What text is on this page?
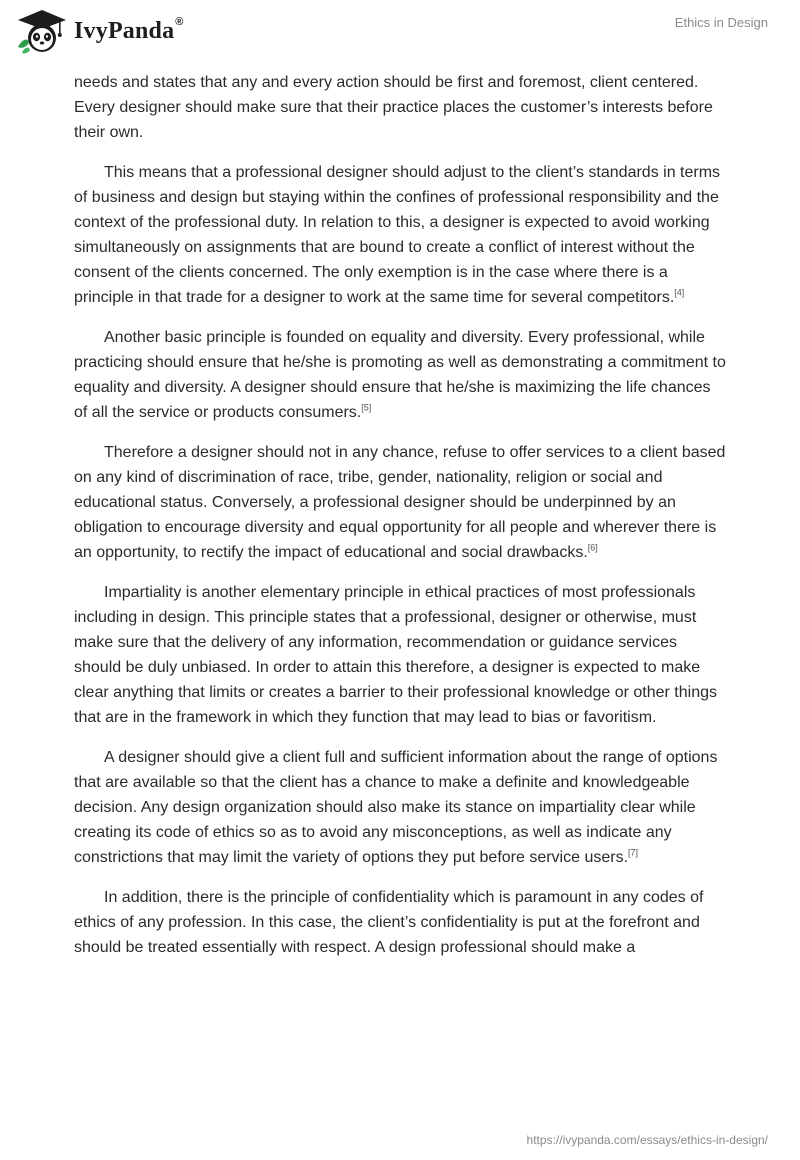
IvyPanda®	Ethics in Design

needs and states that any and every action should be first and foremost, client centered. Every designer should make sure that their practice places the customer’s interests before their own.

This means that a professional designer should adjust to the client’s standards in terms of business and design but staying within the confines of professional responsibility and the context of the professional duty. In relation to this, a designer is expected to avoid working simultaneously on assignments that are bound to create a conflict of interest without the consent of the clients concerned. The only exemption is in the case where there is a principle in that trade for a designer to work at the same time for several competitors.[4]

Another basic principle is founded on equality and diversity. Every professional, while practicing should ensure that he/she is promoting as well as demonstrating a commitment to equality and diversity. A designer should ensure that he/she is maximizing the life chances of all the service or products consumers.[5]

Therefore a designer should not in any chance, refuse to offer services to a client based on any kind of discrimination of race, tribe, gender, nationality, religion or social and educational status. Conversely, a professional designer should be underpinned by an obligation to encourage diversity and equal opportunity for all people and wherever there is an opportunity, to rectify the impact of educational and social drawbacks.[6]

Impartiality is another elementary principle in ethical practices of most professionals including in design. This principle states that a professional, designer or otherwise, must make sure that the delivery of any information, recommendation or guidance services should be duly unbiased. In order to attain this therefore, a designer is expected to make clear anything that limits or creates a barrier to their professional knowledge or other things that are in the framework in which they function that may lead to bias or favoritism.

A designer should give a client full and sufficient information about the range of options that are available so that the client has a chance to make a definite and knowledgeable decision. Any design organization should also make its stance on impartiality clear while creating its code of ethics so as to avoid any misconceptions, as well as indicate any constrictions that may limit the variety of options they put before service users.[7]

In addition, there is the principle of confidentiality which is paramount in any codes of ethics of any profession. In this case, the client’s confidentiality is put at the forefront and should be treated essentially with respect. A design professional should make a

https://ivypanda.com/essays/ethics-in-design/
